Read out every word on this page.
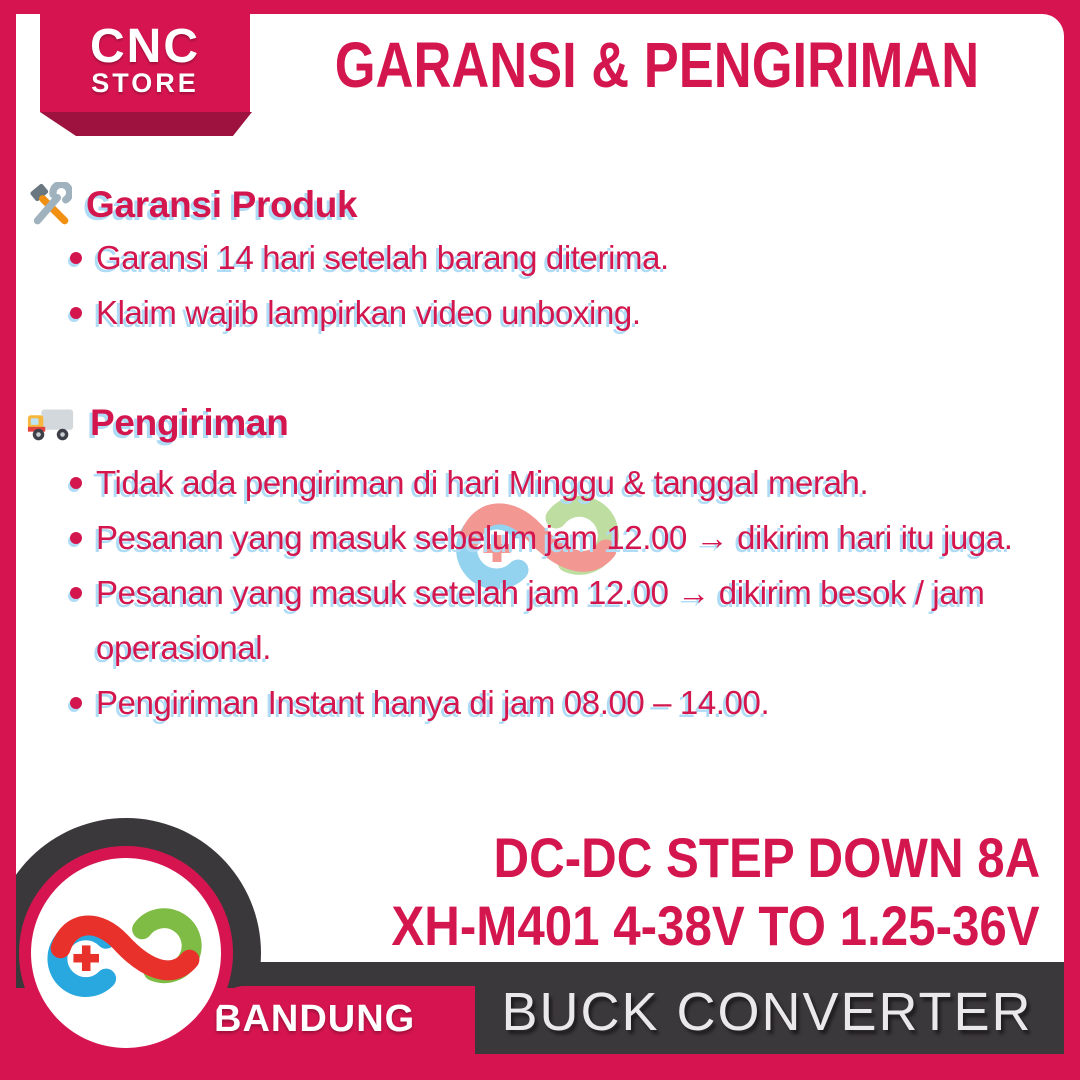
CNC
STORE	GARANSI & PENGIRIMAN
Garansi Produk
Garansi 14 hari setelah barang diterima.
Klaim wajib lampirkan video unboxing.
Pengiriman
Tidak ada pengiriman di hari Minggu & tanggal merah.
Pesanan yang masuk sebelum jam 12.00 → dikirim hari itu juga.
Pesanan yang masuk setelah jam 12.00 → dikirim besok / jam operasional.
Pengiriman Instant hanya di jam 08.00 – 14.00.
BUCK CONVERTER
BANDUNG
DC-DC STEP DOWN 8A
XH-M401 4-38V TO 1.25-36V
